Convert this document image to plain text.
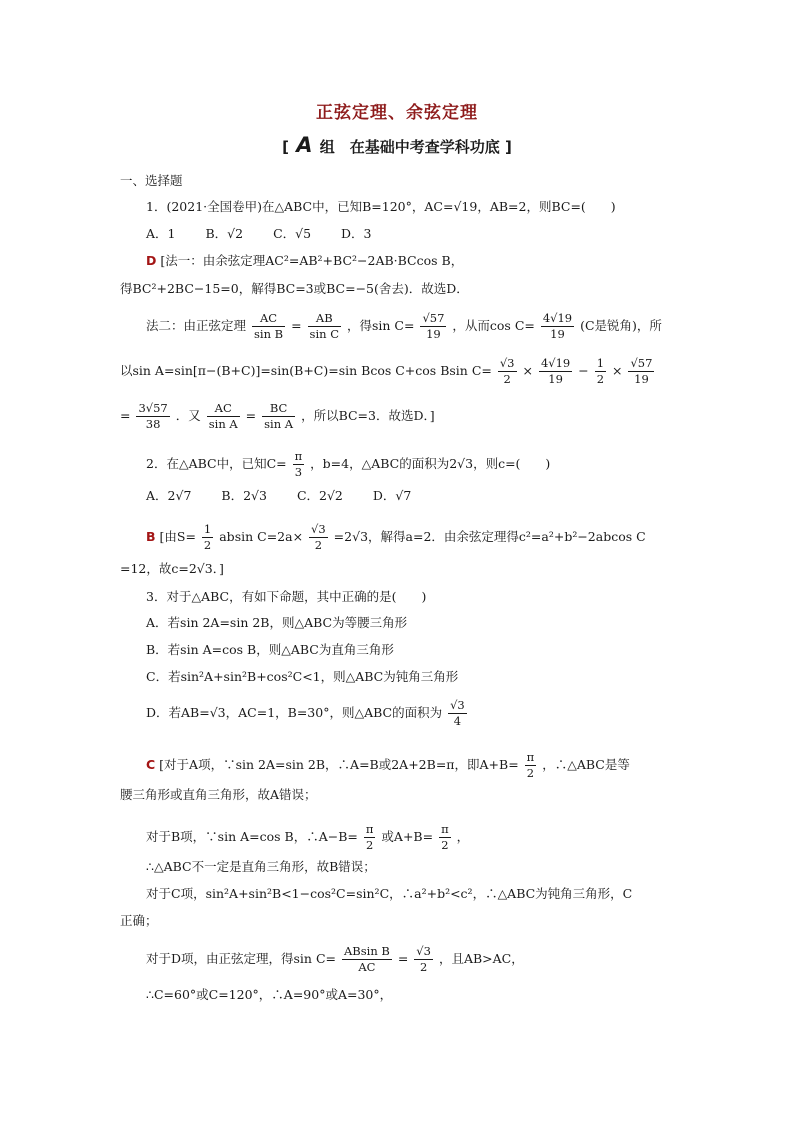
正弦定理、余弦定理
[ A 组　在基础中考查学科功底 ]
一、选择题
1．(2021·全国卷甲)在△ABC中，已知B=120°，AC=√19，AB=2，则BC=(　　)
A．1 B．√2 C．√5 D．3
D [法一：由余弦定理AC²=AB²+BC²−2AB·BCcos B，
得BC²+2BC−15=0，解得BC=3或BC=−5(舍去)．故选D．
法二：由正弦定理 $\frac{AC}{\text{sin B}} = \frac{AB}{\text{sin C}}$ ，得$\sin C= \frac{√57}{19}$ ，从而$\cos C= \frac{4√19}{19} (C$是锐角)，所
以sin A=sin[π−(B+C)]=sin(B+C)=sin Bcos C+cos Bsin $C= \frac{√3}{2} \times \frac{4√19}{19} - \frac{1}{2} \times \frac{√57}{19}$
= $\frac{3√57}{38}$ ．又 $\frac{AC}{\text{sin A}} = \frac{BC}{\text{sin A}}$ ，所以BC=3．故选D．]
2．在△ABC中，已知$C= \frac{\pi}{3}$ ，b=4，△ABC的面积为2√3，则c=(　　)
A．2√7 B．2√3 C．2√2 D．√7
B [由$S= \frac{1}{2}$ absin $C=2a\times \frac{√3}{2} =2√3$，解得a=2．由余弦定理得c²=a²+b²−2abcos C
=12，故c=2√3．]
3．对于△ABC，有如下命题，其中正确的是(　　)
A．若sin 2A=sin 2B，则△ABC为等腰三角形
B．若sin A=cos B，则△ABC为直角三角形
C．若sin²A+sin²B+cos²C<1，则△ABC为钝角三角形
D．若AB=√3，AC=1，B=30°，则△ABC的面积为 $\frac{√3}{4}$
C [对于A项，∵sin 2A=sin 2B，∴A=B或2A+2B=π，即$A+B= \frac{\pi}{2}$ ，∴△ABC是等
腰三角形或直角三角形，故A错误；
对于B项，∵sin A=cos B，∴A−B= $\frac{\pi}{2}$ 或$A+B= \frac{\pi}{2}$ ，
∴△ABC不一定是直角三角形，故B错误；
对于C项，sin²A+sin²B<1−cos²C=sin²C，∴a²+b²<c²，∴△ABC为钝角三角形，C
正确；
对于D项，由正弦定理，得$\sin C= \frac{\text{ABsin B}}{AC} = \frac{√3}{2}$ ，且AB>AC，
∴C=60°或C=120°，∴A=90°或A=30°，
